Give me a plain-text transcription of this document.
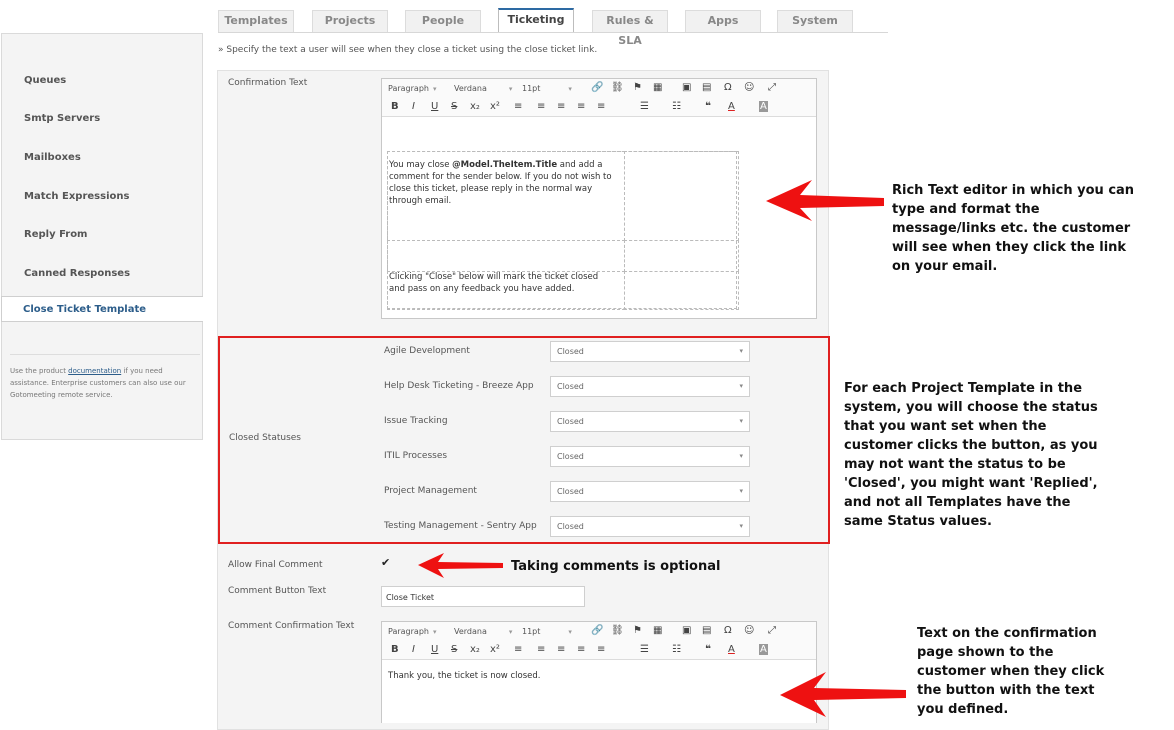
Templates	Projects	People	Ticketing	Rules & SLA
Apps	System
Queues
Smtp Servers
Mailboxes
Match Expressions
Reply From
Canned Responses
Use the product documentation if you need assistance. Enterprise customers can also use our Gotomeeting remote service.
Close Ticket Template
» Specify the text a user will see when they close a ticket using the close ticket link.
Confirmation Text
Paragraph ▾ Verdana	▾ 11pt	▾ 🔗 ⛓ ⚑ ▦ ▣ ▤ Ω ☺ ⤢
B I U S x₂ x² ≡ ≡ ≡ ≡ ≡	☰ ☷ ❝ A	A
You may close @Model.TheItem.Title and add a comment for the sender below. If you do not wish to close this ticket, please reply in the normal way through email.
Clicking "Close" below will mark the ticket closed and pass on any feedback you have added.
Closed Statuses
Agile Development	Closed	▾
Help Desk Ticketing - Breeze App	Closed	▾
Issue Tracking	Closed	▾
ITIL Processes	Closed	▾
Project Management	Closed	▾
Testing Management - Sentry App	Closed	▾
Allow Final Comment	✔
Comment Button Text
Close Ticket
Comment Confirmation Text
Paragraph ▾ Verdana	▾ 11pt	▾ 🔗 ⛓ ⚑ ▦ ▣ ▤ Ω ☺ ⤢
B I U S x₂ x² ≡ ≡ ≡ ≡ ≡	☰ ☷ ❝ A	A
Thank you, the ticket is now closed.
Rich Text editor in which you can
type and format the
message/links etc. the customer
will see when they click the link
on your email.
For each Project Template in the
system, you will choose the status
that you want set when the
customer clicks the button, as you
may not want the status to be
'Closed', you might want 'Replied',
and not all Templates have the
same Status values.
Taking comments is optional
Text on the confirmation
page shown to the
customer when they click
the button with the text
you defined.
